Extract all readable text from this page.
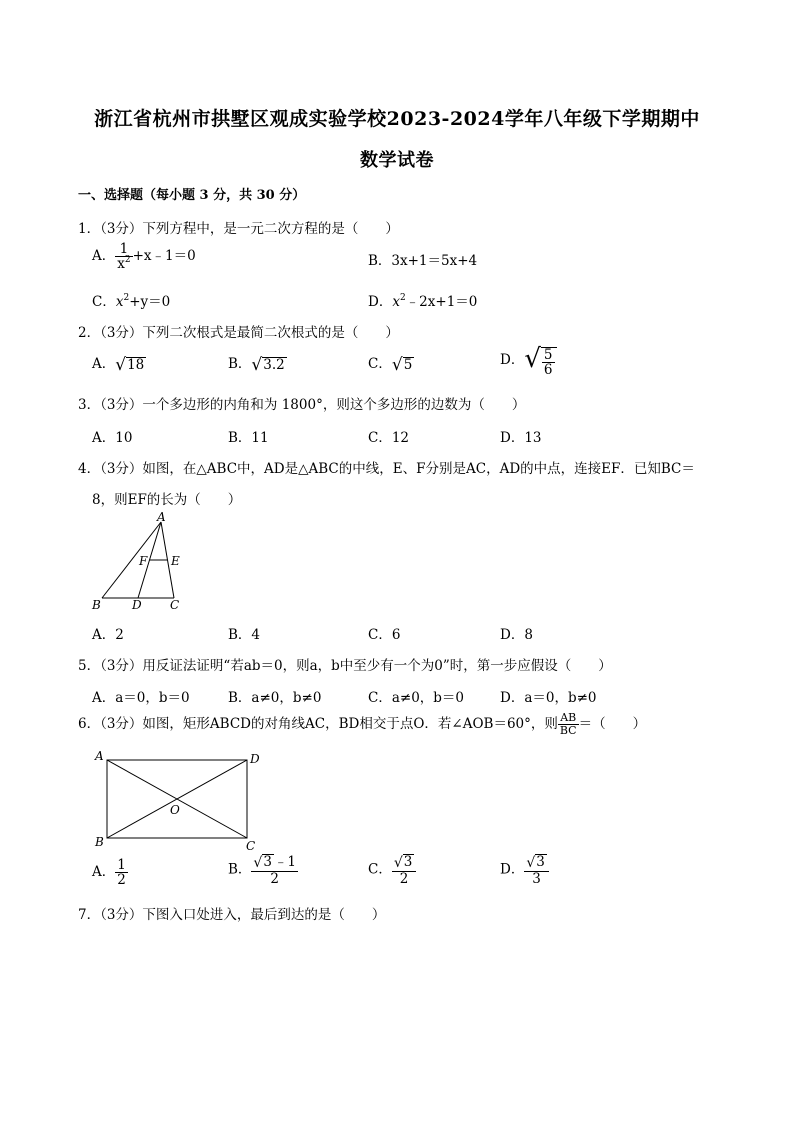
浙江省杭州市拱墅区观成实验学校2023-2024学年八年级下学期期中
数学试卷
一、选择题（每小题 3 分，共 30 分）
1．（3分）下列方程中，是一元二次方程的是（　　）
A． $\frac{1}{x^2}$ +x﹣1＝0	B．3x+1＝5x+4
C．$x^2+y=0$	D．$x^2﹣2x+1=0$
2．（3分）下列二次根式是最简二次根式的是（　　）
A．√18	B．√3.2	C．√5	D．√ $\frac{5}{6}$
3．（3分）一个多边形的内角和为 1800°，则这个多边形的边数为（　　）
A．10	B．11	C．12	D．13
4．（3分）如图，在△ABC中，AD是△ABC的中线，E、F分别是AC，AD的中点，连接EF．已知BC＝
8，则EF的长为（　　）
A
B	D C
F E
A．2	B．4	C．6	D．8
5．（3分）用反证法证明“若ab＝0，则a，b中至少有一个为0”时，第一步应假设（　　）
A．a＝0，b＝0	B．a≠0，b≠0	C．a≠0，b＝0	D．a＝0，b≠0
6．（3分）如图，矩形ABCD的对角线AC，BD相交于点O．若∠AOB＝60°，则 $\frac{AB}{BC}$ ＝（　　）
A	D
B	C
O
A． $\frac{1}{2}$	B． $\frac{√3 ﹣1}{2}$	C． $\frac{√3}{2}$	D． $\frac{√3}{3}$
7．（3分）下图入口处进入，最后到达的是（　　）
